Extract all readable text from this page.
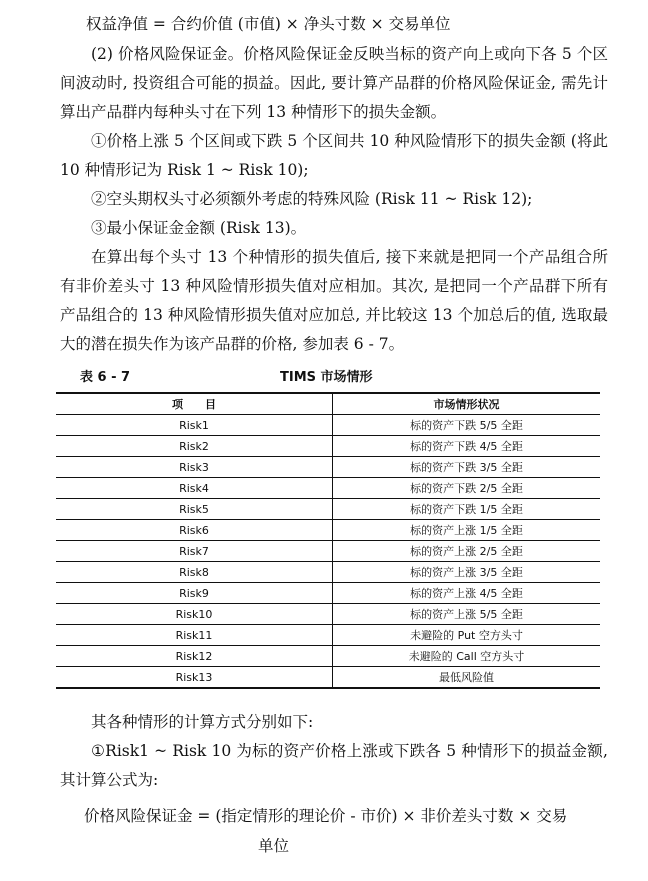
权益净值 = 合约价值 (市值) × 净头寸数 × 交易单位

(2) 价格风险保证金。价格风险保证金反映当标的资产向上或向下各 5 个区间波动时, 投资组合可能的损益。因此, 要计算产品群的价格风险保证金, 需先计算出产品群内每种头寸在下列 13 种情形下的损失金额。

①价格上涨 5 个区间或下跌 5 个区间共 10 种风险情形下的损失金额 (将此 10 种情形记为 Risk 1 ~ Risk 10);

②空头期权头寸必须额外考虑的特殊风险 (Risk 11 ~ Risk 12);

③最小保证金金额 (Risk 13)。

在算出每个头寸 13 个种情形的损失值后, 接下来就是把同一个产品组合所有非价差头寸 13 种风险情形损失值对应相加。其次, 是把同一个产品群下所有产品组合的 13 种风险情形损失值对应加总, 并比较这 13 个加总后的值, 选取最大的潜在损失作为该产品群的价格, 参加表 6 - 7。

表 6 - 7	TIMS 市场情形
项　　目	市场情形状况
Risk1	标的资产下跌 5/5 全距
Risk2	标的资产下跌 4/5 全距
Risk3	标的资产下跌 3/5 全距
Risk4	标的资产下跌 2/5 全距
Risk5	标的资产下跌 1/5 全距
Risk6	标的资产上涨 1/5 全距
Risk7	标的资产上涨 2/5 全距
Risk8	标的资产上涨 3/5 全距
Risk9	标的资产上涨 4/5 全距
Risk10	标的资产上涨 5/5 全距
Risk11	未避险的 Put 空方头寸
Risk12	未避险的 Call 空方头寸
Risk13	最低风险值

其各种情形的计算方式分别如下:

①Risk1 ~ Risk 10 为标的资产价格上涨或下跌各 5 种情形下的损益金额, 其计算公式为:

价格风险保证金 = (指定情形的理论价 - 市价) × 非价差头寸数 × 交易
单位
